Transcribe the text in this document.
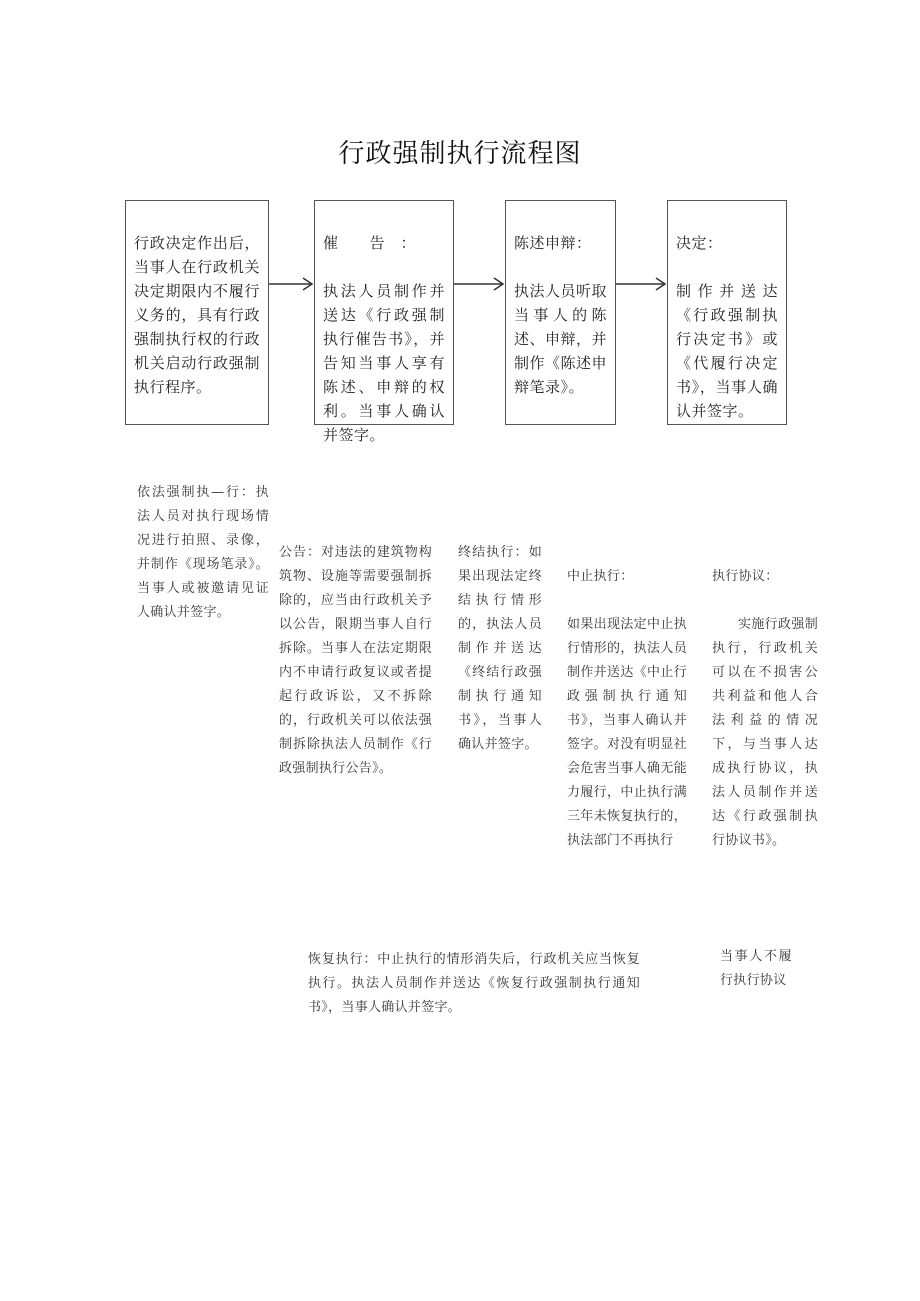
行政强制执行流程图

行政决定作出后，当事人在行政机关决定期限内不履行义务的，具有行政强制执行权的行政机关启动行政强制执行程序。

催　　告　：

执法人员制作并送达《行政强制执行催告书》，并告知当事人享有陈述、申辩的权利。当事人确认并签字。

陈述申辩：

执法人员听取当事人的陈述、申辩，并制作《陈述申辩笔录》。

决定：

制作并送达《行政强制执行决定书》或《代履行决定书》，当事人确认并签字。

依法强制执—行：执法人员对执行现场情况进行拍照、录像，并制作《现场笔录》。当事人或被邀请见证人确认并签字。
公告：对违法的建筑物构筑物、设施等需要强制拆除的，应当由行政机关予以公告，限期当事人自行拆除。当事人在法定期限内不申请行政复议或者提起行政诉讼，又不拆除的，行政机关可以依法强制拆除执法人员制作《行政强制执行公告》。
终结执行：如果出现法定终结执行情形的，执法人员制作并送达《终结行政强制执行通知书》，当事人确认并签字。

中止执行：

如果出现法定中止执行情形的，执法人员制作并送达《中止行政强制执行通知书》，当事人确认并签字。对没有明显社会危害当事人确无能力履行，中止执行满三年未恢复执行的，执法部门不再执行

执行协议：

实施行政强制执行，行政机关可以在不损害公共利益和他人合法利益的情况下，与当事人达成执行协议，执法人员制作并送达《行政强制执行协议书》。

恢复执行：中止执行的情形消失后，行政机关应当恢复执行。执法人员制作并送达《恢复行政强制执行通知书》，当事人确认并签字。
当事人不履行执行协议
